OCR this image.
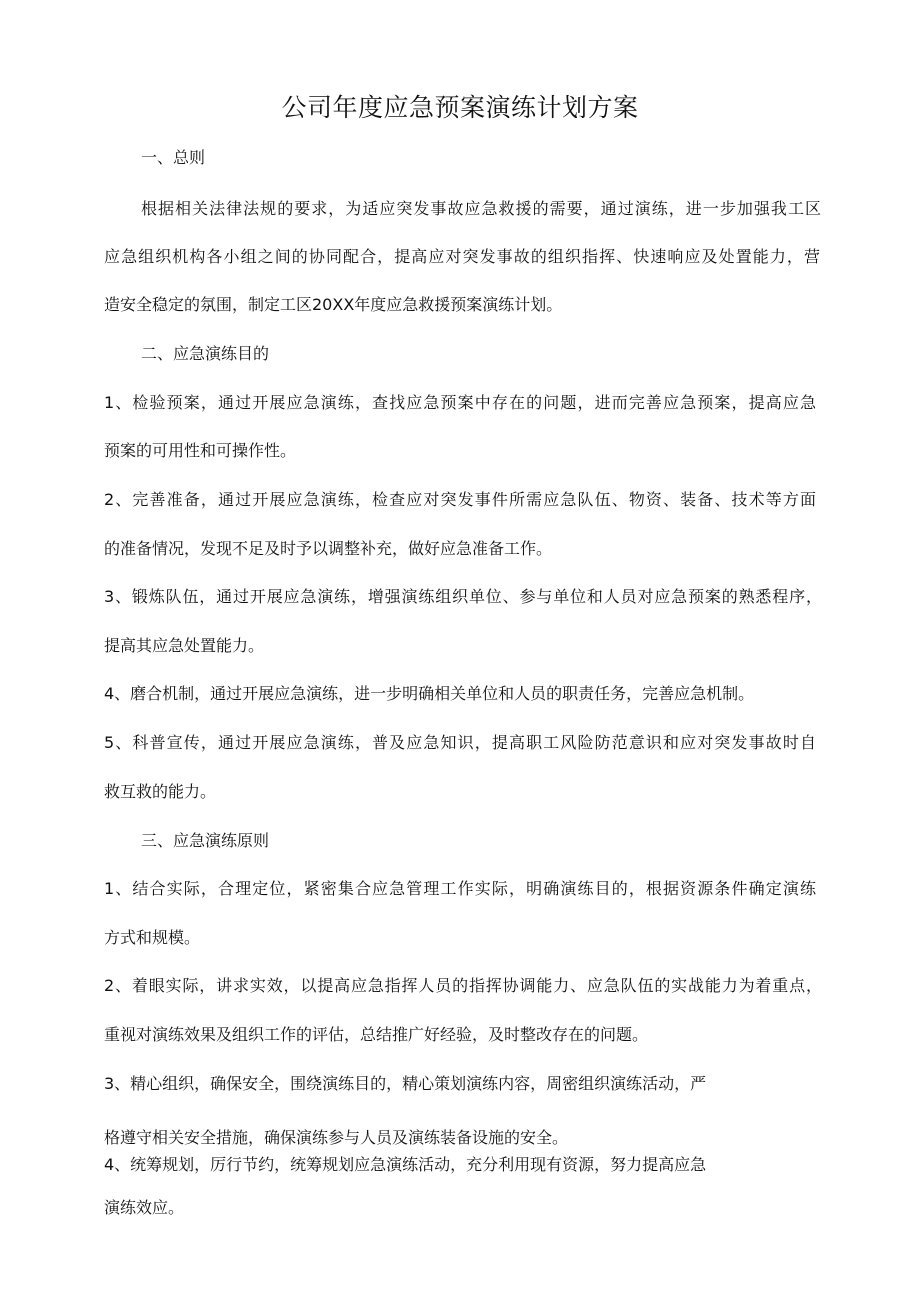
公司年度应急预案演练计划方案
一、总则
根据相关法律法规的要求，为适应突发事故应急救援的需要，通过演练，进一步加强我工区
应急组织机构各小组之间的协同配合，提高应对突发事故的组织指挥、快速响应及处置能力，营
造安全稳定的氛围，制定工区20XX年度应急救援预案演练计划。
二、应急演练目的
1、检验预案，通过开展应急演练，查找应急预案中存在的问题，进而完善应急预案，提高应急
预案的可用性和可操作性。
2、完善准备，通过开展应急演练，检查应对突发事件所需应急队伍、物资、装备、技术等方面
的准备情况，发现不足及时予以调整补充，做好应急准备工作。
3、锻炼队伍，通过开展应急演练，增强演练组织单位、参与单位和人员对应急预案的熟悉程序，
提高其应急处置能力。
4、磨合机制，通过开展应急演练，进一步明确相关单位和人员的职责任务，完善应急机制。
5、科普宣传，通过开展应急演练，普及应急知识，提高职工风险防范意识和应对突发事故时自
救互救的能力。
三、应急演练原则
1、结合实际，合理定位，紧密集合应急管理工作实际，明确演练目的，根据资源条件确定演练
方式和规模。
2、着眼实际，讲求实效，以提高应急指挥人员的指挥协调能力、应急队伍的实战能力为着重点，
重视对演练效果及组织工作的评估，总结推广好经验，及时整改存在的问题。
3、精心组织，确保安全，围绕演练目的，精心策划演练内容，周密组织演练活动，严
格遵守相关安全措施，确保演练参与人员及演练装备设施的安全。
4、统筹规划，厉行节约，统筹规划应急演练活动，充分利用现有资源，努力提高应急
演练效应。
